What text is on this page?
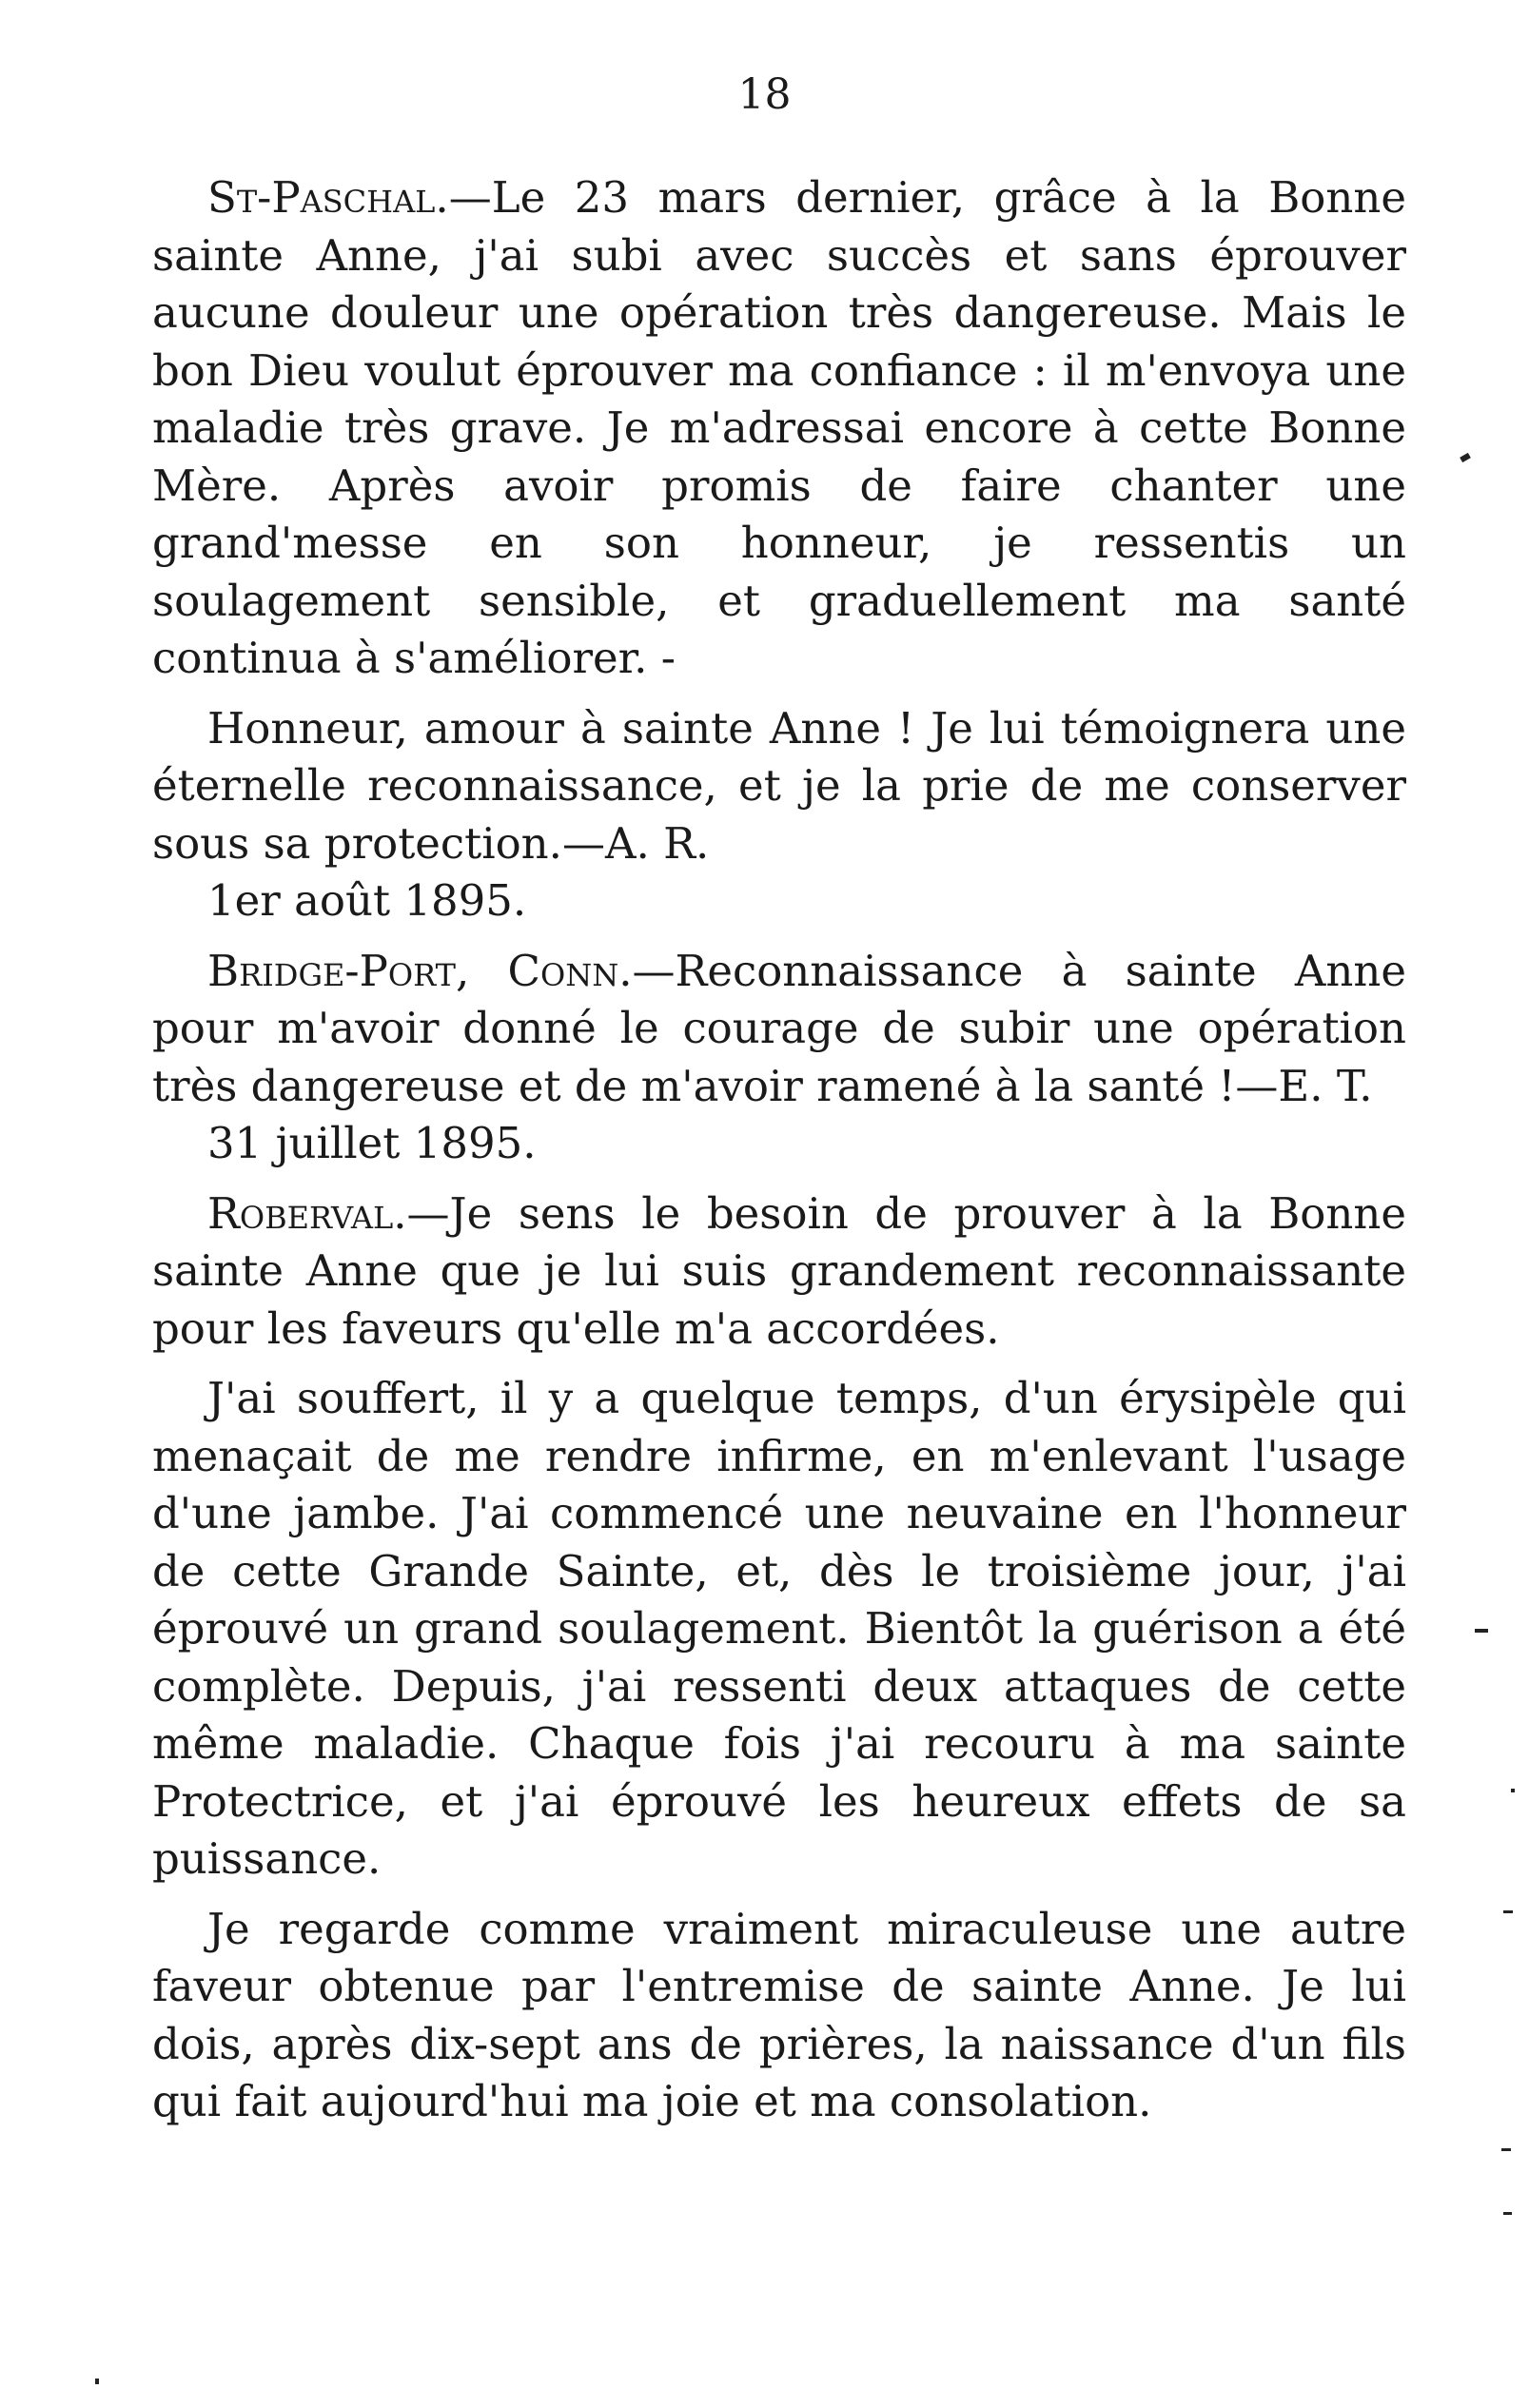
18

St-Paschal.—Le 23 mars dernier, grâce à la Bonne sainte Anne, j'ai subi avec succès et sans éprouver aucune douleur une opération très dangereuse. Mais le bon Dieu voulut éprouver ma confiance : il m'envoya une maladie très grave. Je m'adressai encore à cette Bonne Mère. Après avoir promis de faire chanter une grand'messe en son honneur, je ressentis un soulagement sensible, et graduellement ma santé continua à s'améliorer. -

Honneur, amour à sainte Anne ! Je lui témoignera une éternelle reconnaissance, et je la prie de me conserver sous sa protection.—A. R.

1er août 1895.

Bridge-Port, Conn.—Reconnaissance à sainte Anne pour m'avoir donné le courage de subir une opération très dangereuse et de m'avoir ramené à la santé !—E. T.

31 juillet 1895.

Roberval.—Je sens le besoin de prouver à la Bonne sainte Anne que je lui suis grandement reconnaissante pour les faveurs qu'elle m'a accordées.

J'ai souffert, il y a quelque temps, d'un érysipèle qui menaçait de me rendre infirme, en m'enlevant l'usage d'une jambe. J'ai commencé une neuvaine en l'honneur de cette Grande Sainte, et, dès le troisième jour, j'ai éprouvé un grand soulagement. Bientôt la guérison a été complète. Depuis, j'ai ressenti deux attaques de cette même maladie. Chaque fois j'ai recouru à ma sainte Protectrice, et j'ai éprouvé les heureux effets de sa puissance.

Je regarde comme vraiment miraculeuse une autre faveur obtenue par l'entremise de sainte Anne. Je lui dois, après dix-sept ans de prières, la naissance d'un fils qui fait aujourd'hui ma joie et ma consolation.
